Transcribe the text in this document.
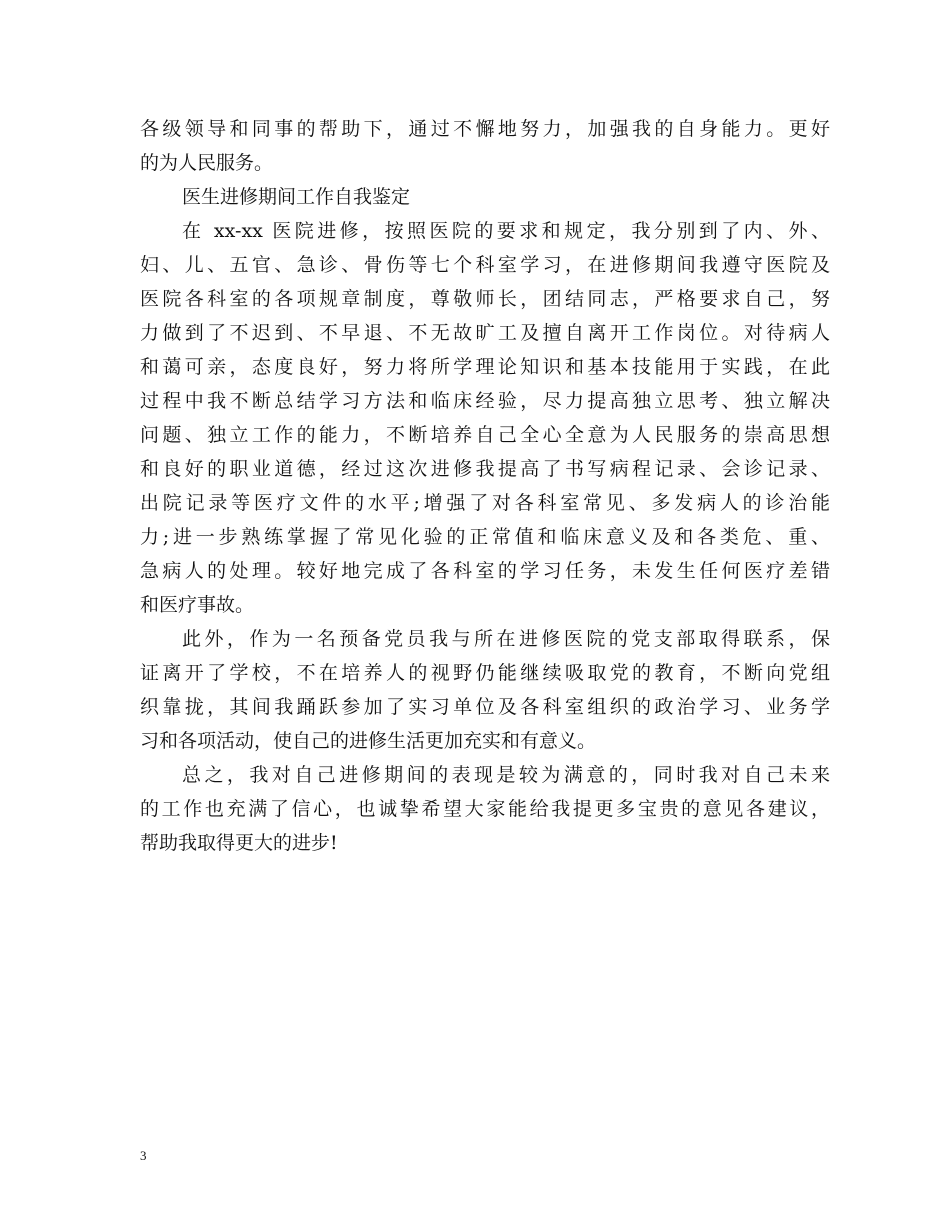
各级领导和同事的帮助下，通过不懈地努力，加强我的自身能力。更好
的为人民服务。
医生进修期间工作自我鉴定
在 xx-xx 医院进修，按照医院的要求和规定，我分别到了内、外、
妇、儿、五官、急诊、骨伤等七个科室学习，在进修期间我遵守医院及
医院各科室的各项规章制度，尊敬师长，团结同志，严格要求自己，努
力做到了不迟到、不早退、不无故旷工及擅自离开工作岗位。对待病人
和蔼可亲，态度良好，努力将所学理论知识和基本技能用于实践，在此
过程中我不断总结学习方法和临床经验，尽力提高独立思考、独立解决
问题、独立工作的能力，不断培养自己全心全意为人民服务的崇高思想
和良好的职业道德，经过这次进修我提高了书写病程记录、会诊记录、
出院记录等医疗文件的水平;增强了对各科室常见、多发病人的诊治能
力;进一步熟练掌握了常见化验的正常值和临床意义及和各类危、重、
急病人的处理。较好地完成了各科室的学习任务，未发生任何医疗差错
和医疗事故。
此外，作为一名预备党员我与所在进修医院的党支部取得联系，保
证离开了学校，不在培养人的视野仍能继续吸取党的教育，不断向党组
织靠拢，其间我踊跃参加了实习单位及各科室组织的政治学习、业务学
习和各项活动，使自己的进修生活更加充实和有意义。
总之，我对自己进修期间的表现是较为满意的，同时我对自己未来
的工作也充满了信心，也诚挚希望大家能给我提更多宝贵的意见各建议，
帮助我取得更大的进步!
3
